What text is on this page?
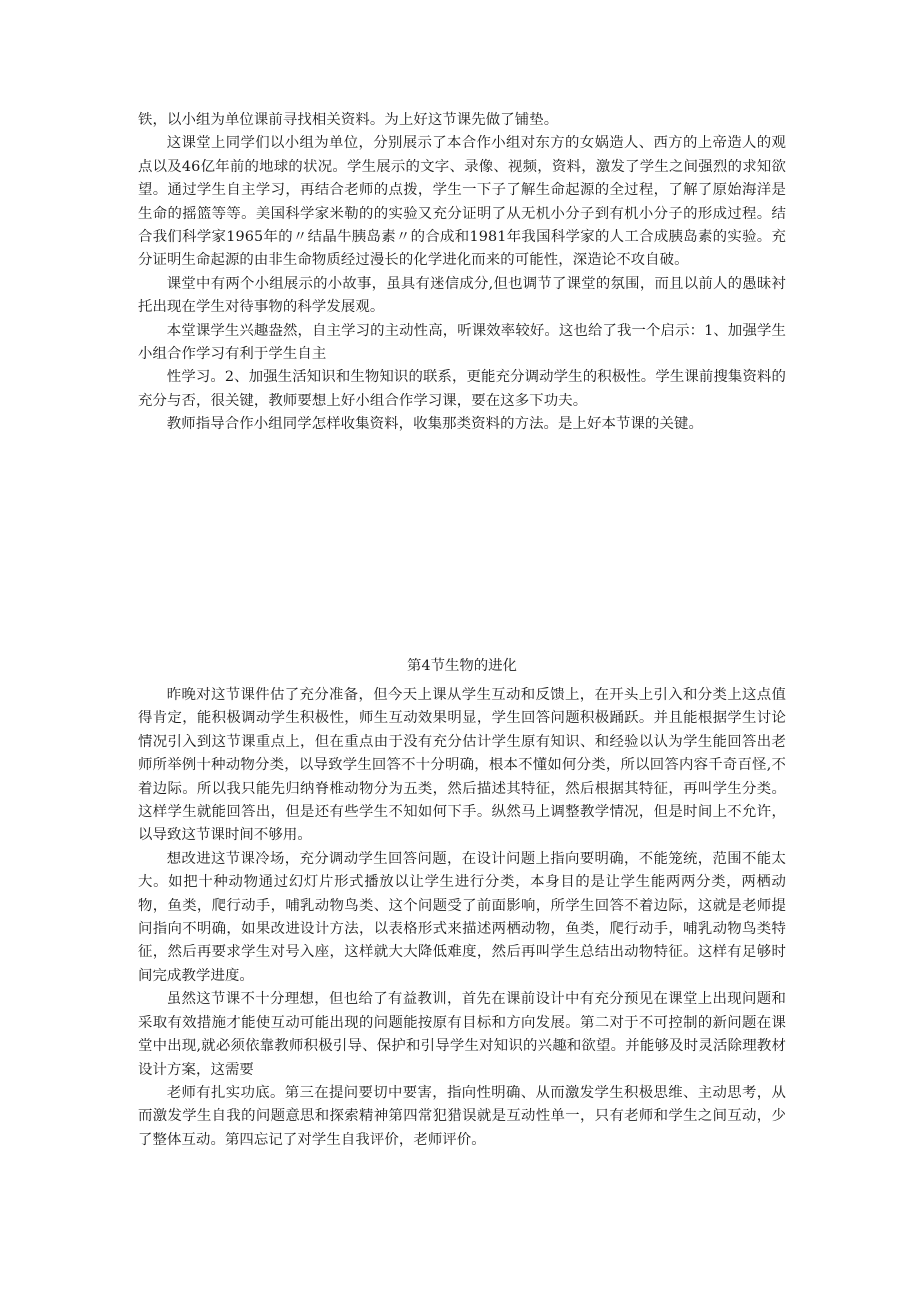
铁，以小组为单位课前寻找相关资料。为上好这节课先做了铺垫。

这课堂上同学们以小组为单位，分别展示了本合作小组对东方的女娲造人、西方的上帝造人的观点以及46亿年前的地球的状况。学生展示的文字、录像、视频，资料，激发了学生之间强烈的求知欲望。通过学生自主学习，再结合老师的点拨，学生一下子了解生命起源的全过程，了解了原始海洋是生命的摇篮等等。美国科学家米勒的的实验又充分证明了从无机小分子到有机小分子的形成过程。结合我们科学家1965年的〃结晶牛胰岛素〃的合成和1981年我国科学家的人工合成胰岛素的实验。充分证明生命起源的由非生命物质经过漫长的化学进化而来的可能性，深造论不攻自破。

课堂中有两个小组展示的小故事，虽具有迷信成分,但也调节了课堂的氛围，而且以前人的愚昧衬托出现在学生对待事物的科学发展观。

本堂课学生兴趣盎然，自主学习的主动性高，听课效率较好。这也给了我一个启示：1、加强学生小组合作学习有利于学生自主

性学习。2、加强生活知识和生物知识的联系，更能充分调动学生的积极性。学生课前搜集资料的充分与否，很关键，教师要想上好小组合作学习课，要在这多下功夫。

教师指导合作小组同学怎样收集资料，收集那类资料的方法。是上好本节课的关键。

第4节生物的进化

昨晚对这节课件估了充分准备，但今天上课从学生互动和反馈上，在开头上引入和分类上这点值得肯定，能积极调动学生积极性，师生互动效果明显，学生回答问题积极踊跃。并且能根据学生讨论情况引入到这节课重点上，但在重点由于没有充分估计学生原有知识、和经验以认为学生能回答出老师所举例十种动物分类，以导致学生回答不十分明确，根本不懂如何分类，所以回答内容千奇百怪,不着边际。所以我只能先归纳脊椎动物分为五类，然后描述其特征，然后根据其特征，再叫学生分类。这样学生就能回答出，但是还有些学生不知如何下手。纵然马上调整教学情况，但是时间上不允许，以导致这节课时间不够用。

想改进这节课冷场，充分调动学生回答问题，在设计问题上指向要明确，不能笼统，范围不能太大。如把十种动物通过幻灯片形式播放以让学生进行分类，本身目的是让学生能两两分类，两栖动物，鱼类，爬行动手，哺乳动物鸟类、这个问题受了前面影响，所学生回答不着边际，这就是老师提问指向不明确，如果改进设计方法，以表格形式来描述两栖动物，鱼类，爬行动手，哺乳动物鸟类特征，然后再要求学生对号入座，这样就大大降低难度，然后再叫学生总结出动物特征。这样有足够时间完成教学进度。

虽然这节课不十分理想，但也给了有益教训，首先在课前设计中有充分预见在课堂上出现问题和采取有效措施才能使互动可能出现的问题能按原有目标和方向发展。第二对于不可控制的新问题在课堂中出现,就必须依靠教师积极引导、保护和引导学生对知识的兴趣和欲望。并能够及时灵活除理教材设计方案，这需要

老师有扎实功底。第三在提问要切中要害，指向性明确、从而激发学生积极思维、主动思考，从而激发学生自我的问题意思和探索精神第四常犯猎误就是互动性单一，只有老师和学生之间互动，少了整体互动。第四忘记了对学生自我评价，老师评价。
